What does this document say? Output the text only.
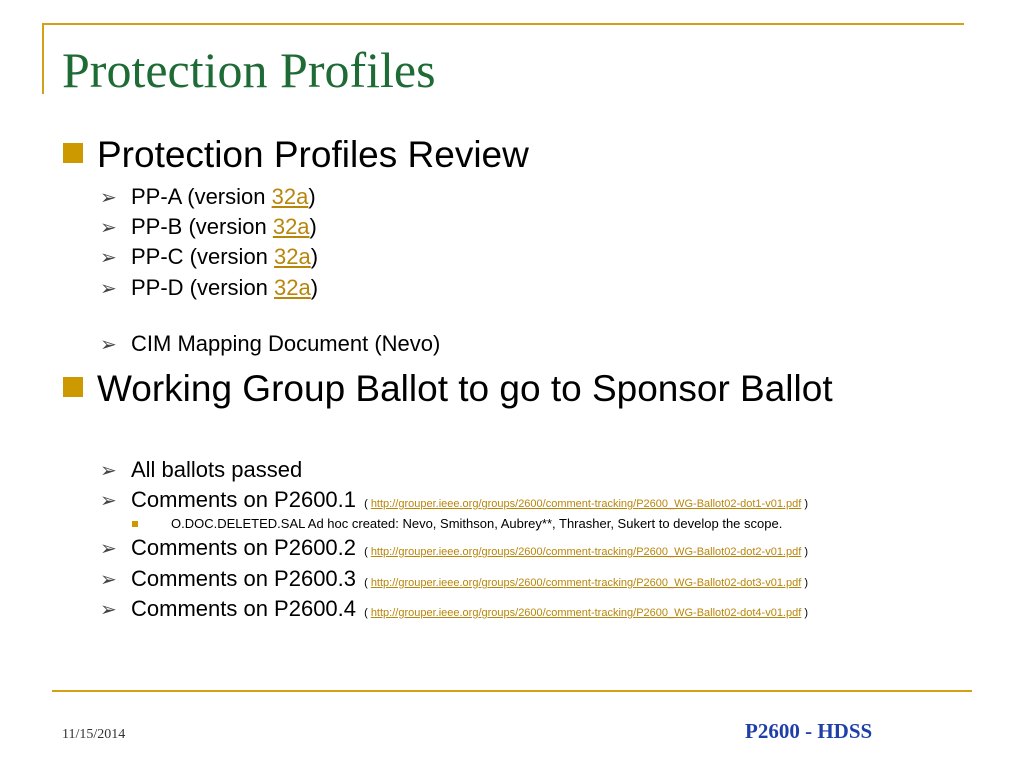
Protection Profiles
Protection Profiles Review
➢ PP-A (version 32a)
➢ PP-B (version 32a)
➢ PP-C (version 32a)
➢ PP-D (version 32a)
➢ CIM Mapping Document (Nevo)
Working Group Ballot to go to Sponsor Ballot
➢ All ballots passed
➢ Comments on P2600.1 ( http://grouper.ieee.org/groups/2600/comment-tracking/P2600_WG-Ballot02-dot1-v01.pdf )
O.DOC.DELETED.SAL Ad hoc created: Nevo, Smithson, Aubrey**, Thrasher, Sukert to develop the scope.
➢ Comments on P2600.2 ( http://grouper.ieee.org/groups/2600/comment-tracking/P2600_WG-Ballot02-dot2-v01.pdf )
➢ Comments on P2600.3 ( http://grouper.ieee.org/groups/2600/comment-tracking/P2600_WG-Ballot02-dot3-v01.pdf )
➢ Comments on P2600.4 ( http://grouper.ieee.org/groups/2600/comment-tracking/P2600_WG-Ballot02-dot4-v01.pdf )
11/15/2014	P2600 - HDSS
